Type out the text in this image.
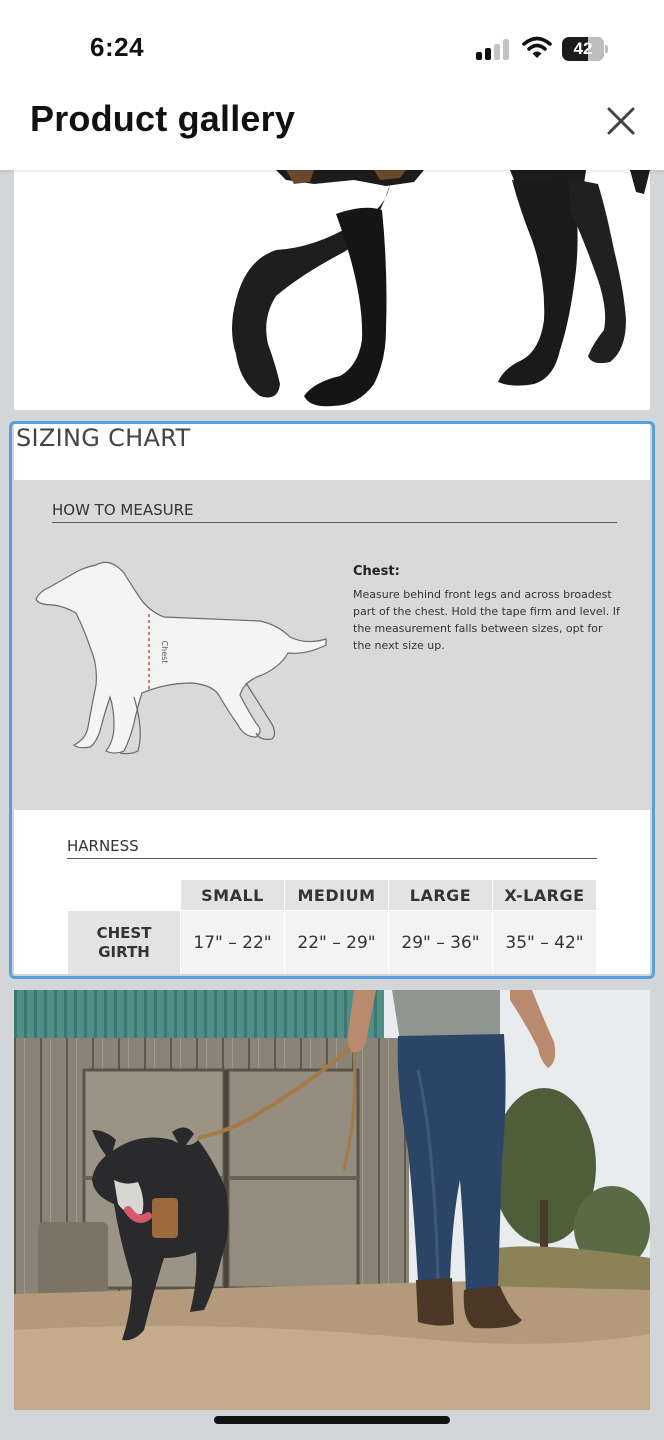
6:24	42
Product gallery
SIZING CHART
HOW TO MEASURE
Chest
Chest:
Measure behind front legs and across broadest part of the chest. Hold the tape firm and level. If the measurement falls between sizes, opt for the next size up.
HARNESS
	SMALL	MEDIUM	LARGE	X-LARGE
CHEST
GIRTH	17" – 22"	22" – 29"	29" – 36"	35" – 42"
